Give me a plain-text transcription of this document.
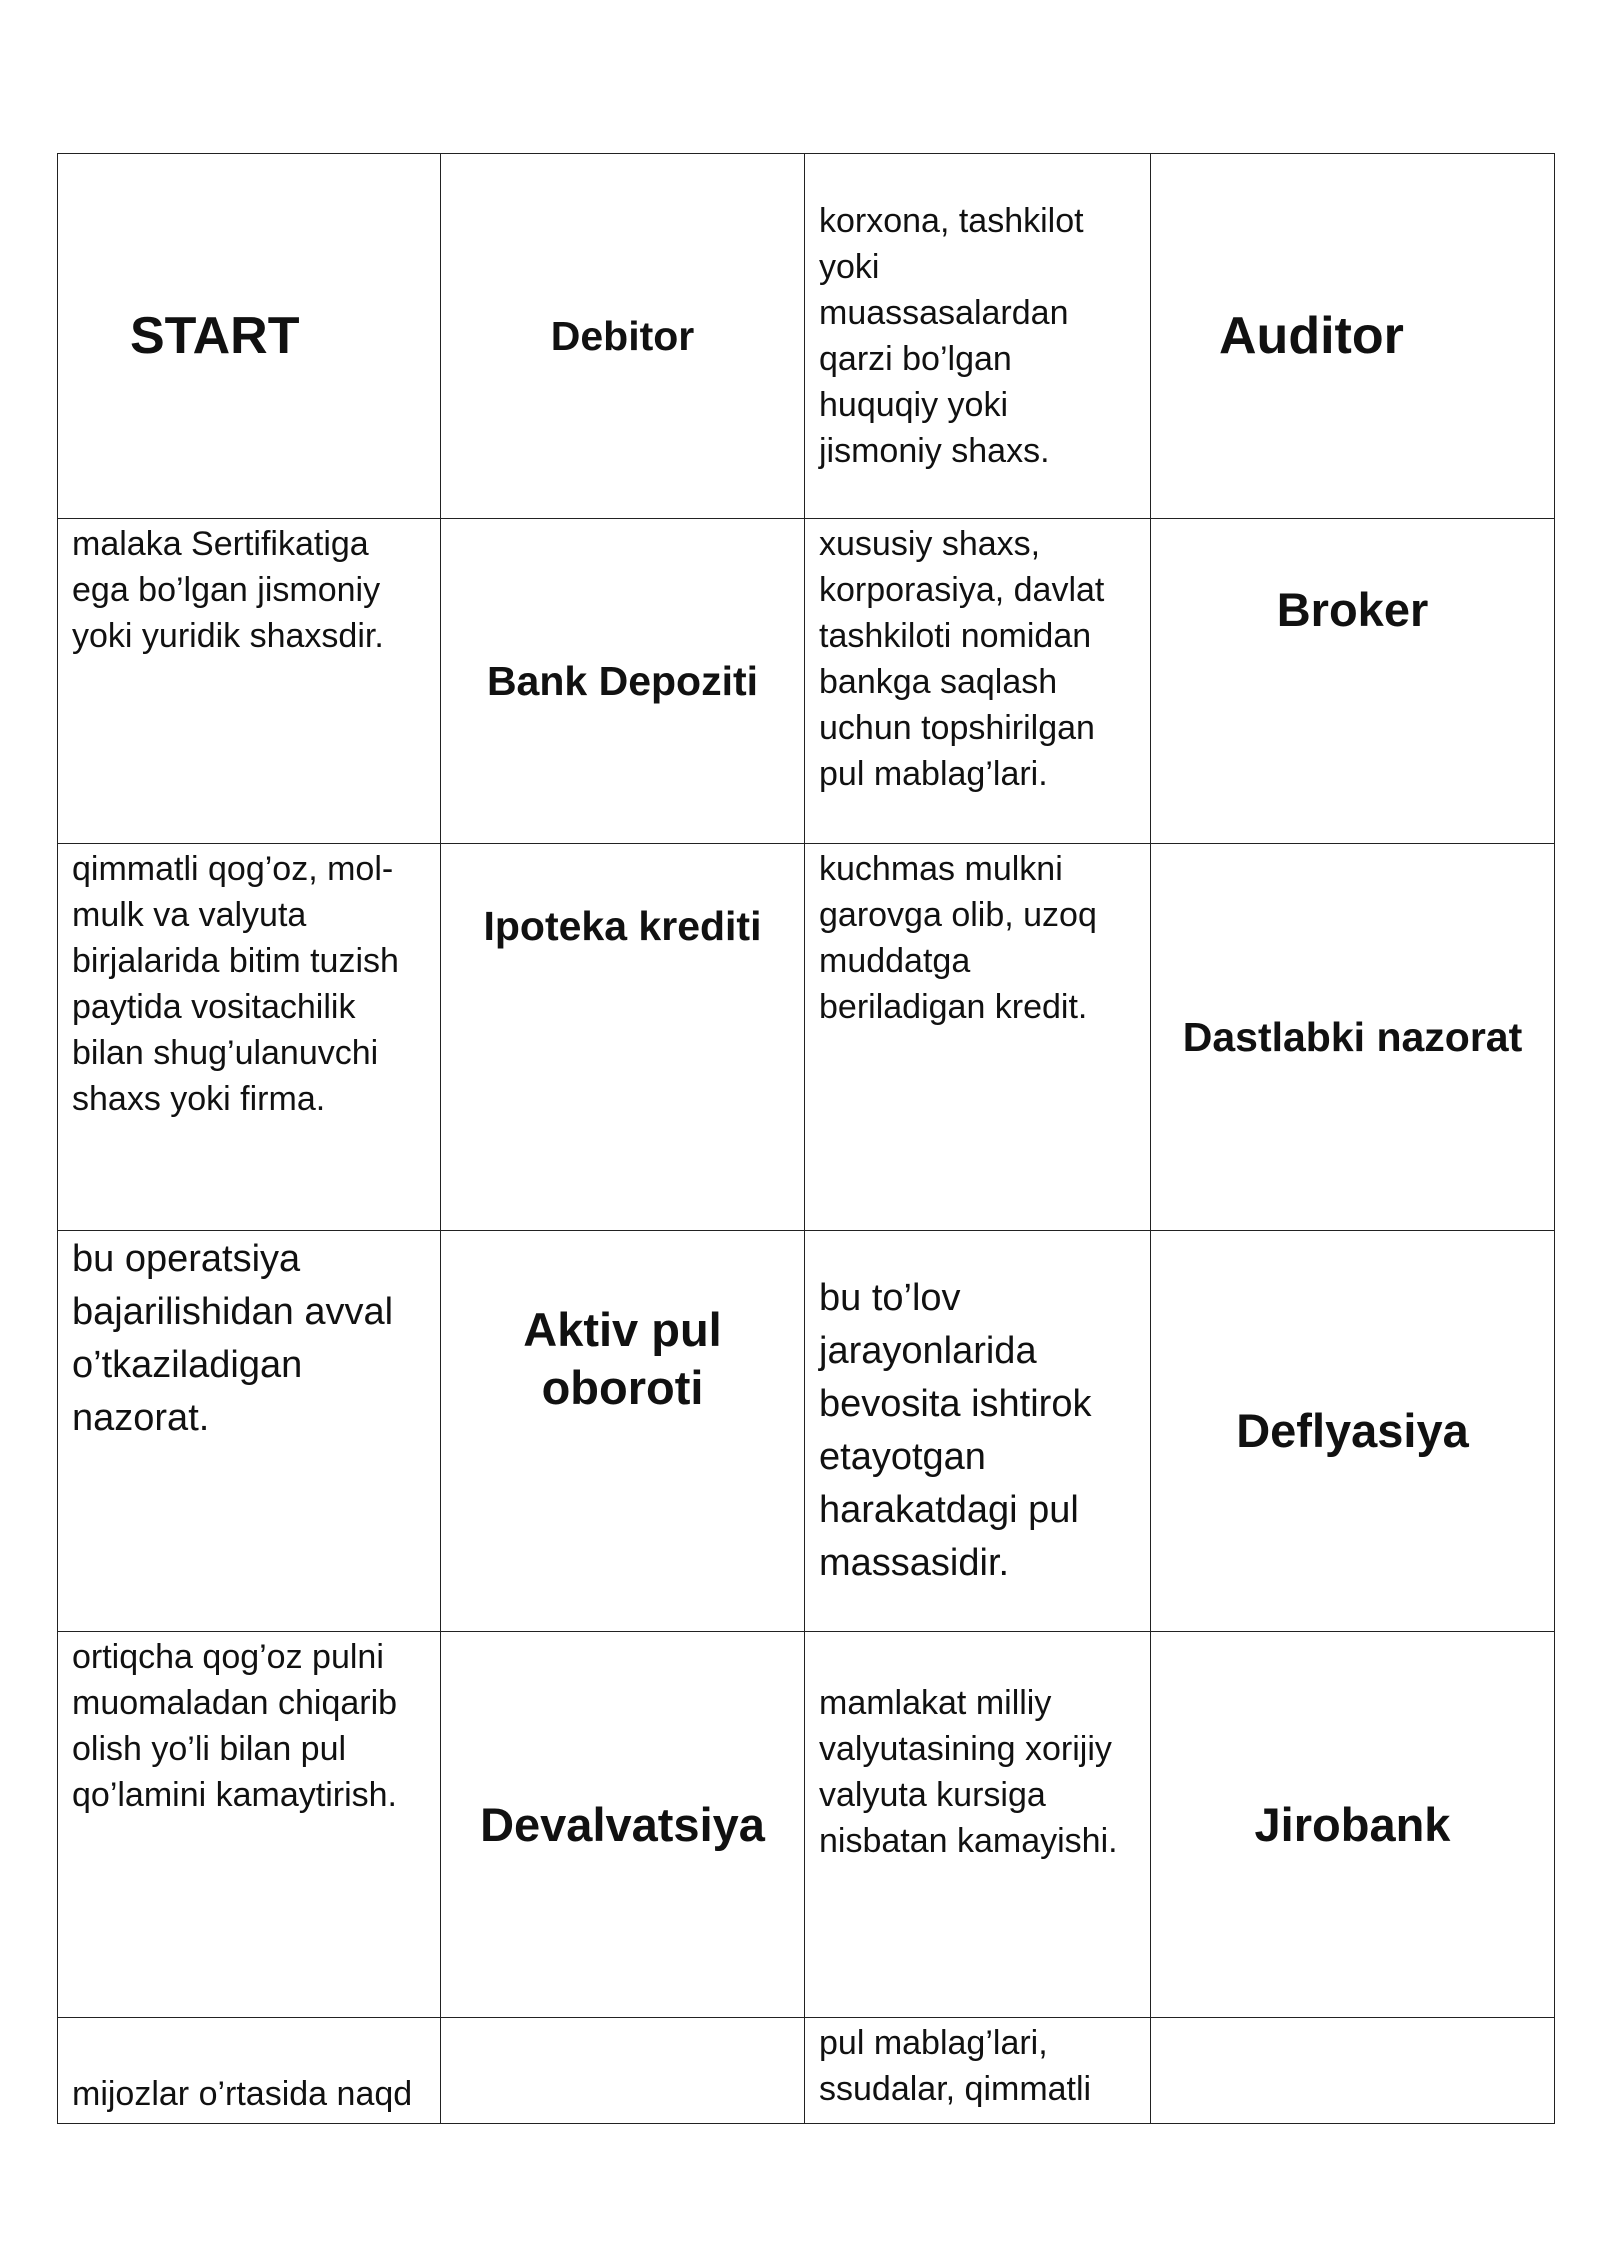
START	Debitor	korxona, tashkilot yoki muassasalardan qarzi bo’lgan huquqiy yoki jismoniy shaxs.	Auditor
malaka Sertifikatiga ega bo’lgan jismoniy yoki yuridik shaxsdir.	Bank Depoziti	xususiy shaxs, korporasiya, davlat tashkiloti nomidan bankga saqlash uchun topshirilgan pul mablag’lari.	Broker
qimmatli qog’oz, mol-mulk va valyuta birjalarida bitim tuzish paytida vositachilik bilan shug’ulanuvchi shaxs yoki firma.	Ipoteka krediti	kuchmas mulkni garovga olib, uzoq muddatga beriladigan kredit.	Dastlabki nazorat
bu operatsiya bajarilishidan avval o’tkaziladigan nazorat.	Aktiv pul oboroti	bu to’lov jarayonlarida bevosita ishtirok etayotgan harakatdagi pul massasidir.	Deflyasiya
ortiqcha qog’oz pulni muomaladan chiqarib olish yo’li bilan pul qo’lamini kamaytirish.	Devalvatsiya	mamlakat milliy valyutasining xorijiy valyuta kursiga nisbatan kamayishi.	Jirobank
mijozlar o’rtasida naqd		pul mablag’lari, ssudalar, qimmatli	
